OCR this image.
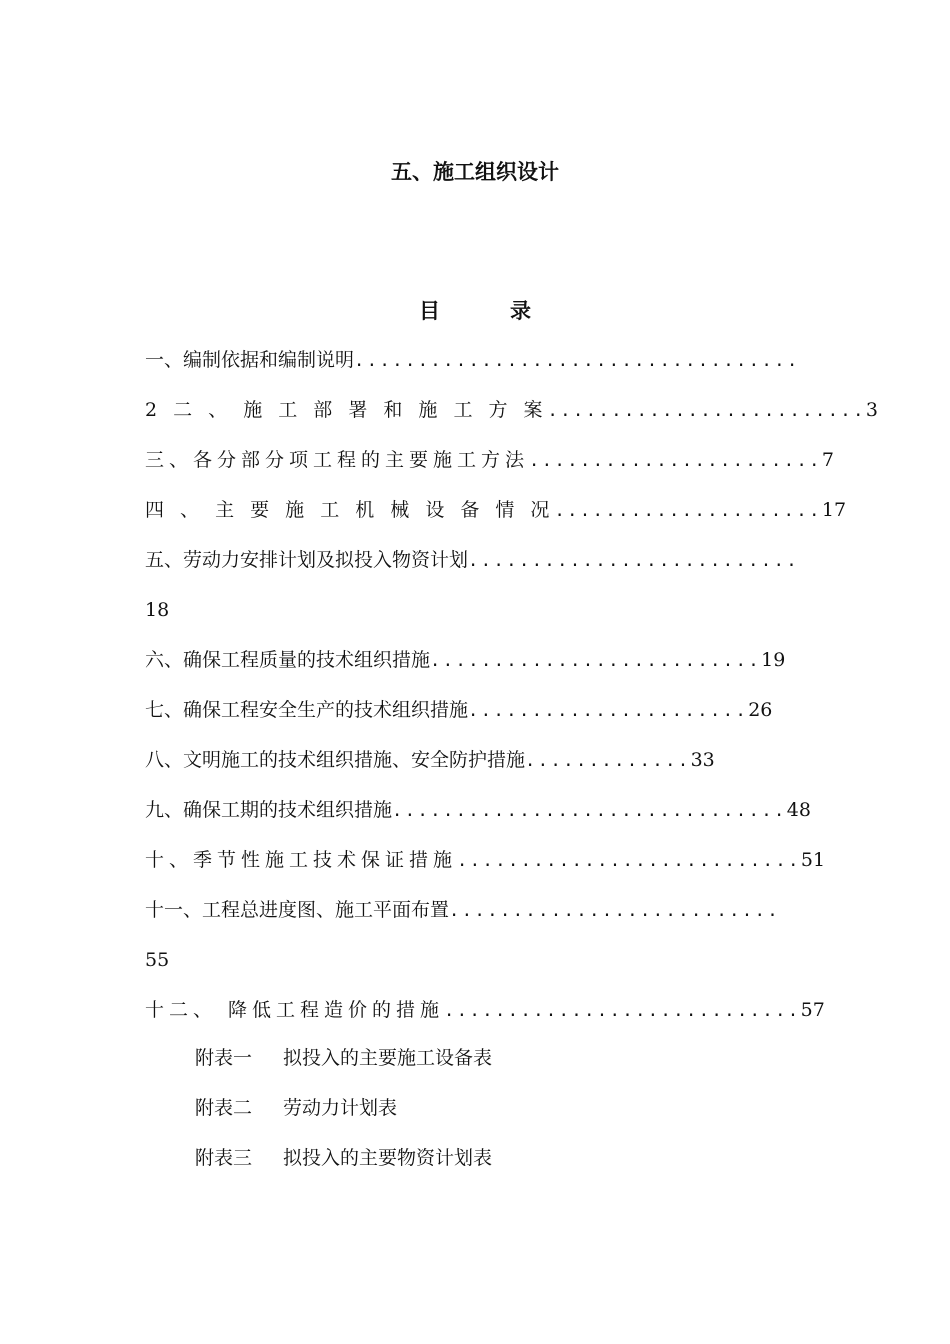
五、施工组织设计
目	录
一、编制依据和编制说明...................................
2 二 、 施 工 部 署 和 施 工 方 案.........................3
三、各分部分项工程的主要施工方法.......................7
四 、 主 要 施 工 机 械 设 备 情 况.....................17
五、劳动力安排计划及拟投入物资计划..........................
18
六、确保工程质量的技术组织措施..........................19
七、确保工程安全生产的技术组织措施......................26
八、文明施工的技术组织措施、安全防护措施.............33
九、确保工期的技术组织措施...............................48
十、季节性施工技术保证措施...........................51
十一、工程总进度图、施工平面布置..........................
55
十二、 降低工程造价的措施............................57
附表一 拟投入的主要施工设备表
附表二 劳动力计划表
附表三 拟投入的主要物资计划表
